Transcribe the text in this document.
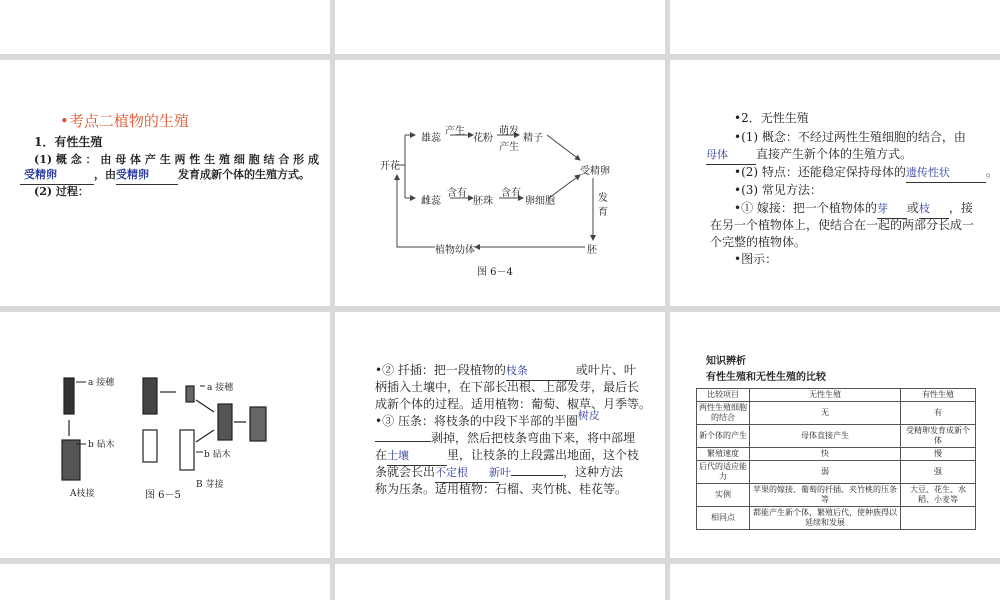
•考点二植物的生殖
1．有性生殖
(1) 概 念 ： 由 母 体 产 生 两 性 生 殖 细 胞 结 合 形 成
受精卵	，由受精卵	发育成新个体的生殖方式。
(2) 过程：
开花
雄蕊
产生
花粉
萌发
产生
精子
雌蕊
含有
胚珠
含有
卵细胞
受精卵
发育
胚
植物幼体
图 6－4
•2．无性生殖
•(1) 概念：不经过两性生殖细胞的结合，由
母体 直接产生新个体的生殖方式。
•(2) 特点：还能稳定保持母体的遗传性状	。
•(3) 常见方法：
•① 嫁接：把一个植物体的芽 或枝 ，接
在另一个植物体上，使结合在一起的两部分长成一
个完整的植物体。
•图示：
a 接穗
b 砧木
A枝接
a 接穗
b 砧木
B 芽接
图 6－5
•② 扦插：把一段植物的枝条	或叶片、叶
柄插入土壤中，在下部长出根、上部发芽，最后长
成新个体的过程。适用植物：葡萄、椒草、月季等。
•③ 压条：将枝条的中段下半部的半圈树皮
剥掉，然后把枝条弯曲下来，将中部埋
在土壤	里，让枝条的上段露出地面，这个枝
条就会长出不定根 新叶	，这种方法
称为压条。适用植物：石榴、夹竹桃、桂花等。
知识辨析
有性生殖和无性生殖的比较
比较项目	无性生殖	有性生殖
两性生殖细胞的结合	无	有
新个体的产生	母体直接产生	受精卵发育成新个体
繁殖速度	快	慢
后代的适应能力	弱	强
实例	苹果的嫁接、葡萄的扦插、夹竹桃的压条等	大豆、花生、水稻、小麦等
相同点	都能产生新个体，繁殖后代，使种族得以延续和发展	
